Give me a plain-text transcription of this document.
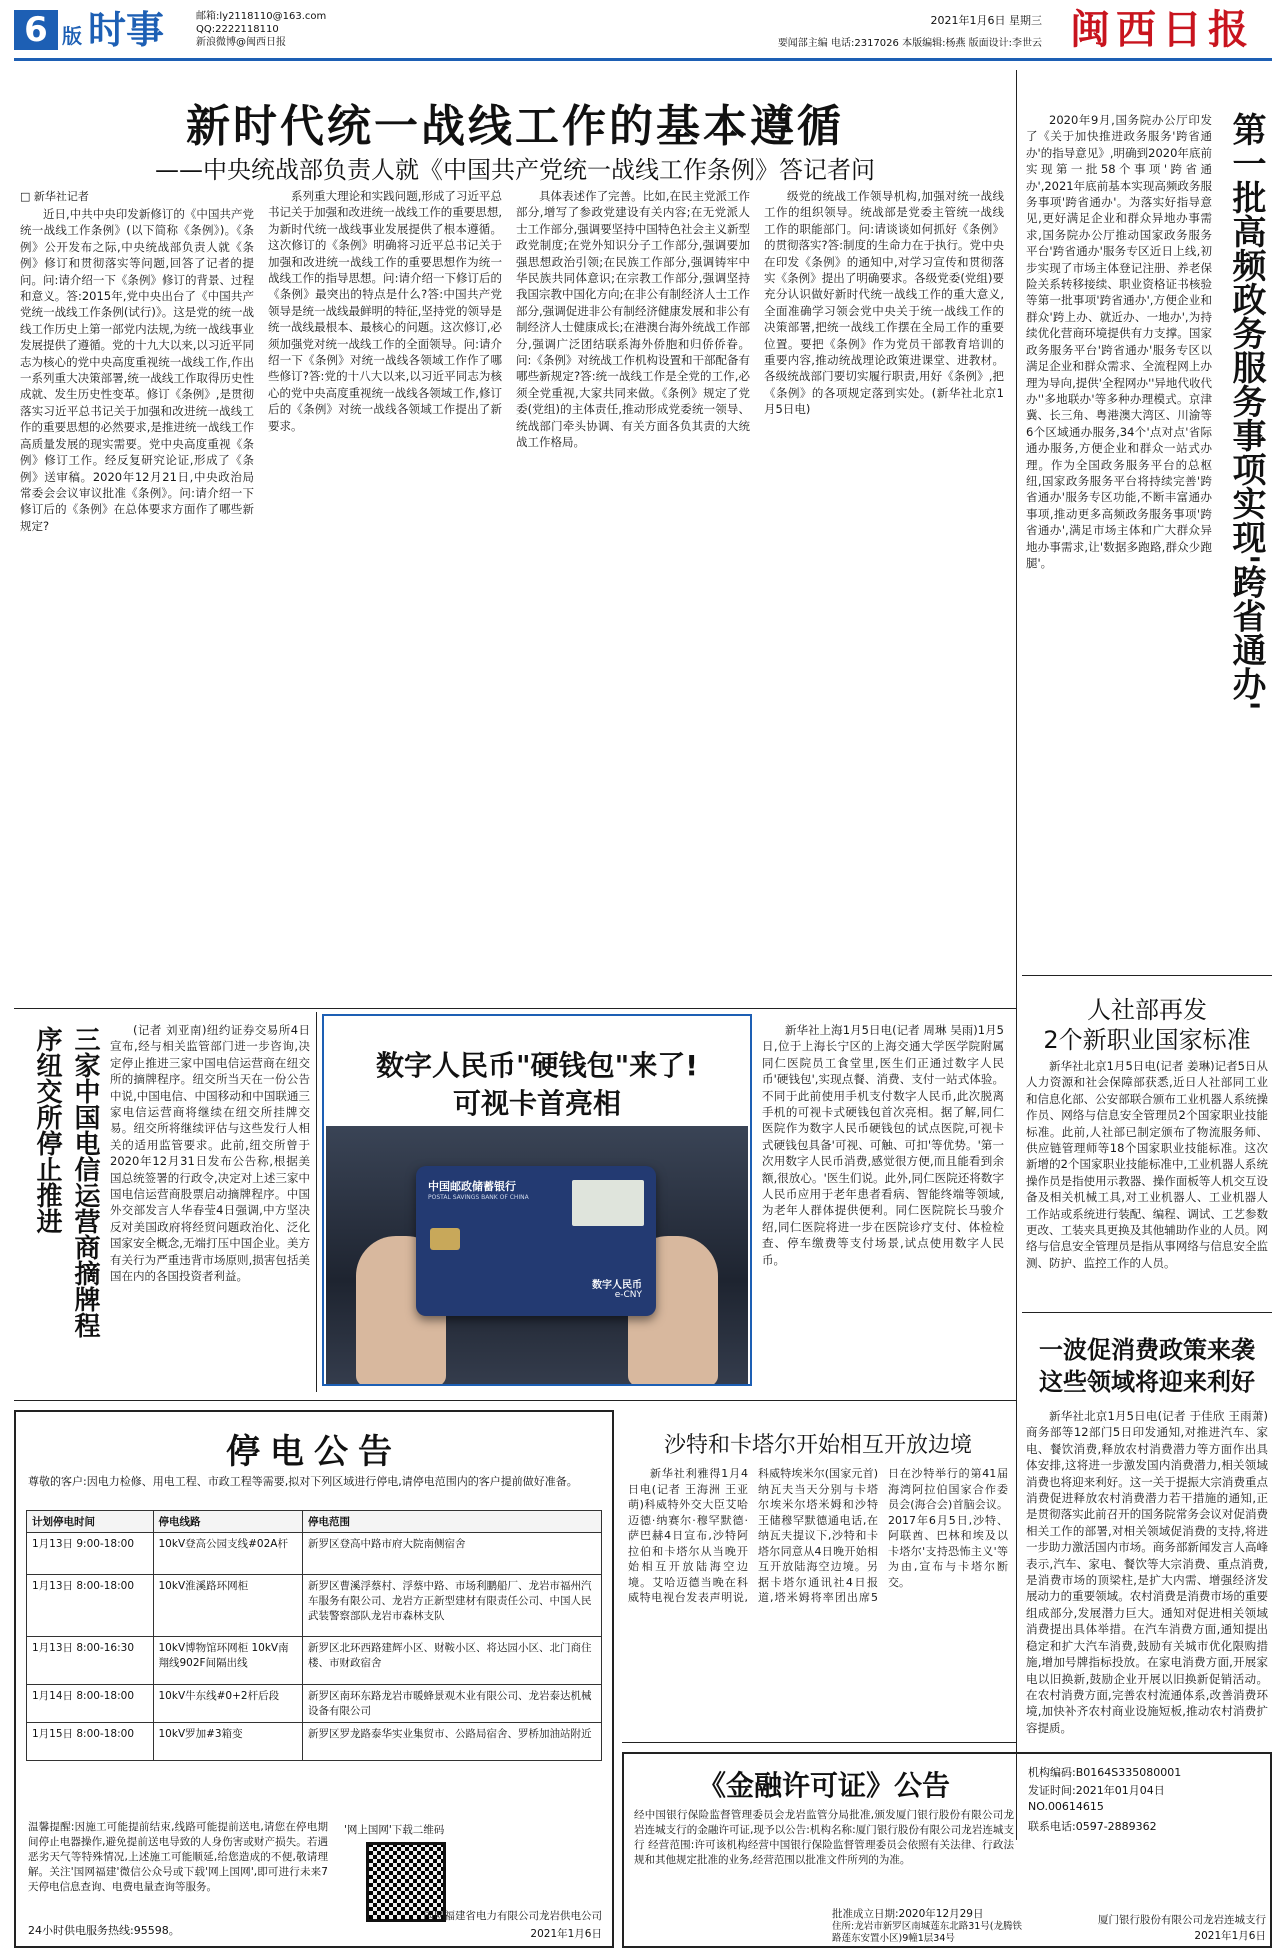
6 版 时事	邮箱:ly2118110@163.com
QQ:2222118110
新浪微博@闽西日报
2021年1月6日 星期三
要闻部主编 电话:2317026 本版编辑:杨燕 版面设计:李世云 闽西日报
新时代统一战线工作的基本遵循
——中央统战部负责人就《中国共产党统一战线工作条例》答记者问
□ 新华社记者

近日,中共中央印发新修订的《中国共产党统一战线工作条例》(以下简称《条例》)。《条例》公开发布之际,中央统战部负责人就《条例》修订和贯彻落实等问题,回答了记者的提问。问:请介绍一下《条例》修订的背景、过程和意义。答:2015年,党中央出台了《中国共产党统一战线工作条例(试行)》。这是党的统一战线工作历史上第一部党内法规,为统一战线事业发展提供了遵循。党的十九大以来,以习近平同志为核心的党中央高度重视统一战线工作,作出一系列重大决策部署,统一战线工作取得历史性成就、发生历史性变革。修订《条例》,是贯彻落实习近平总书记关于加强和改进统一战线工作的重要思想的必然要求,是推进统一战线工作高质量发展的现实需要。党中央高度重视《条例》修订工作。经反复研究论证,形成了《条例》送审稿。2020年12月21日,中央政治局常委会会议审议批准《条例》。问:请介绍一下修订后的《条例》在总体要求方面作了哪些新规定?

系列重大理论和实践问题,形成了习近平总书记关于加强和改进统一战线工作的重要思想,为新时代统一战线事业发展提供了根本遵循。这次修订的《条例》明确将习近平总书记关于加强和改进统一战线工作的重要思想作为统一战线工作的指导思想。问:请介绍一下修订后的《条例》最突出的特点是什么?答:中国共产党领导是统一战线最鲜明的特征,坚持党的领导是统一战线最根本、最核心的问题。这次修订,必须加强党对统一战线工作的全面领导。问:请介绍一下《条例》对统一战线各领域工作作了哪些修订?答:党的十八大以来,以习近平同志为核心的党中央高度重视统一战线各领域工作,修订后的《条例》对统一战线各领域工作提出了新要求。

具体表述作了完善。比如,在民主党派工作部分,增写了参政党建设有关内容;在无党派人士工作部分,强调要坚持中国特色社会主义新型政党制度;在党外知识分子工作部分,强调要加强思想政治引领;在民族工作部分,强调铸牢中华民族共同体意识;在宗教工作部分,强调坚持我国宗教中国化方向;在非公有制经济人士工作部分,强调促进非公有制经济健康发展和非公有制经济人士健康成长;在港澳台海外统战工作部分,强调广泛团结联系海外侨胞和归侨侨眷。问:《条例》对统战工作机构设置和干部配备有哪些新规定?答:统一战线工作是全党的工作,必须全党重视,大家共同来做。《条例》规定了党委(党组)的主体责任,推动形成党委统一领导、统战部门牵头协调、有关方面各负其责的大统战工作格局。

级党的统战工作领导机构,加强对统一战线工作的组织领导。统战部是党委主管统一战线工作的职能部门。问:请谈谈如何抓好《条例》的贯彻落实?答:制度的生命力在于执行。党中央在印发《条例》的通知中,对学习宣传和贯彻落实《条例》提出了明确要求。各级党委(党组)要充分认识做好新时代统一战线工作的重大意义,全面准确学习领会党中央关于统一战线工作的决策部署,把统一战线工作摆在全局工作的重要位置。要把《条例》作为党员干部教育培训的重要内容,推动统战理论政策进课堂、进教材。各级统战部门要切实履行职责,用好《条例》,把《条例》的各项规定落到实处。(新华社北京1月5日电)

2020年9月,国务院办公厅印发了《关于加快推进政务服务'跨省通办'的指导意见》,明确到2020年底前实现第一批58个事项'跨省通办',2021年底前基本实现高频政务服务事项'跨省通办'。为落实好指导意见,更好满足企业和群众异地办事需求,国务院办公厅推动国家政务服务平台'跨省通办'服务专区近日上线,初步实现了市场主体登记注册、养老保险关系转移接续、职业资格证书核验等第一批事项'跨省通办',方便企业和群众'跨上办、就近办、一地办',为持续优化营商环境提供有力支撑。国家政务服务平台'跨省通办'服务专区以满足企业和群众需求、全流程网上办理为导向,提供'全程网办''异地代收代办''多地联办'等多种办理模式。京津冀、长三角、粤港澳大湾区、川渝等6个区域通办服务,34个'点对点'省际通办服务,方便企业和群众一站式办理。作为全国政务服务平台的总枢纽,国家政务服务平台将持续完善'跨省通办'服务专区功能,不断丰富通办事项,推动更多高频政务服务事项'跨省通办',满足市场主体和广大群众异地办事需求,让'数据多跑路,群众少跑腿'。	第一批高频政务服务事项实现'跨省通办'
人社部再发
2个新职业国家标准

新华社北京1月5日电(记者 姜琳)记者5日从人力资源和社会保障部获悉,近日人社部同工业和信息化部、公安部联合颁布工业机器人系统操作员、网络与信息安全管理员2个国家职业技能标准。此前,人社部已制定颁布了物流服务师、供应链管理师等18个国家职业技能标准。这次新增的2个国家职业技能标准中,工业机器人系统操作员是指使用示教器、操作面板等人机交互设备及相关机械工具,对工业机器人、工业机器人工作站或系统进行装配、编程、调试、工艺参数更改、工装夹具更换及其他辅助作业的人员。网络与信息安全管理员是指从事网络与信息安全监测、防护、监控工作的人员。

一波促消费政策来袭
这些领域将迎来利好

新华社北京1月5日电(记者 于佳欣 王雨萧)商务部等12部门5日印发通知,对推进汽车、家电、餐饮消费,释放农村消费潜力等方面作出具体安排,这将进一步激发国内消费潜力,相关领域消费也将迎来利好。这一关于提振大宗消费重点消费促进释放农村消费潜力若干措施的通知,正是贯彻落实此前召开的国务院常务会议对促消费相关工作的部署,对相关领域促消费的支持,将进一步助力激活国内市场。商务部新闻发言人高峰表示,汽车、家电、餐饮等大宗消费、重点消费,是消费市场的顶梁柱,是扩大内需、增强经济发展动力的重要领域。农村消费是消费市场的重要组成部分,发展潜力巨大。通知对促进相关领域消费提出具体举措。在汽车消费方面,通知提出稳定和扩大汽车消费,鼓励有关城市优化限购措施,增加号牌指标投放。在家电消费方面,开展家电以旧换新,鼓励企业开展以旧换新促销活动。在农村消费方面,完善农村流通体系,改善消费环境,加快补齐农村商业设施短板,推动农村消费扩容提质。

三家中国电信运营商摘牌程序纽交所停止推进	(记者 刘亚南)纽约证券交易所4日宣布,经与相关监管部门进一步咨询,决定停止推进三家中国电信运营商在纽交所的摘牌程序。纽交所当天在一份公告中说,中国电信、中国移动和中国联通三家电信运营商将继续在纽交所挂牌交易。纽交所将继续评估与这些发行人相关的适用监管要求。此前,纽交所曾于2020年12月31日发布公告称,根据美国总统签署的行政令,决定对上述三家中国电信运营商股票启动摘牌程序。中国外交部发言人华春莹4日强调,中方坚决反对美国政府将经贸问题政治化、泛化国家安全概念,无端打压中国企业。美方有关行为严重违背市场原则,损害包括美国在内的各国投资者利益。

数字人民币"硬钱包"来了!
可视卡首亮相
中国邮政储蓄银行
POSTAL SAVINGS BANK OF CHINA
数字人民币
e-CNY

新华社上海1月5日电(记者 周琳 吴雨)1月5日,位于上海长宁区的上海交通大学医学院附属同仁医院员工食堂里,医生们正通过数字人民币'硬钱包',实现点餐、消费、支付一站式体验。不同于此前使用手机支付数字人民币,此次脱离手机的可视卡式硬钱包首次亮相。据了解,同仁医院作为数字人民币硬钱包的试点医院,可视卡式硬钱包具备'可视、可触、可扣'等优势。'第一次用数字人民币消费,感觉很方便,而且能看到余额,很放心。'医生们说。此外,同仁医院还将数字人民币应用于老年患者看病、智能终端等领域,为老年人群体提供便利。同仁医院院长马骏介绍,同仁医院将进一步在医院诊疗支付、体检检查、停车缴费等支付场景,试点使用数字人民币。

停电公告
尊敬的客户:因电力检修、用电工程、市政工程等需要,拟对下列区域进行停电,请停电范围内的客户提前做好准备。
计划停电时间	停电线路	停电范围
1月13日 9:00-18:00	10kV登高公园支线#02A杆	新罗区登高中路市府大院南侧宿舍
1月13日 8:00-18:00	10kV淮溪路环网柜	新罗区曹溪浮蔡村、浮蔡中路、市场利鹏船厂、龙岩市福州汽车服务有限公司、龙岩方正新型建材有限责任公司、中国人民武装警察部队龙岩市森林支队
1月13日 8:00-16:30	10kV博物馆环网柜 10kV南翔线902F间隔出线	新罗区北环西路建辉小区、财鞍小区、将达园小区、北门商住楼、市财政宿舍
1月14日 8:00-18:00	10kV牛东线#0+2杆后段	新罗区南环东路龙岩市暖蜂景观木业有限公司、龙岩泰达机械设备有限公司
1月15日 8:00-18:00	10kV罗加#3箱变	新罗区罗龙路泰华实业集贸市、公路局宿舍、罗桥加油站附近
温馨提醒:因施工可能提前结束,线路可能提前送电,请您在停电期间停止电器操作,避免提前送电导致的人身伤害或财产损失。若遇恶劣天气等特殊情况,上述施工可能顺延,给您造成的不便,敬请理解。关注'国网福建'微信公众号或下载'网上国网',即可进行未来7天停电信息查询、电费电量查询等服务。
24小时供电服务热线:95598。
'网上国网'下载二维码
国网福建省电力有限公司龙岩供电公司
2021年1月6日
沙特和卡塔尔开始相互开放边境

新华社利雅得1月4日电(记者 王海洲 王亚萌)科威特外交大臣艾哈迈德·纳赛尔·穆罕默德·萨巴赫4日宣布,沙特阿拉伯和卡塔尔从当晚开始相互开放陆海空边境。艾哈迈德当晚在科威特电视台发表声明说,科威特埃米尔(国家元首)纳瓦夫当天分别与卡塔尔埃米尔塔米姆和沙特王储穆罕默德通电话,在纳瓦夫提议下,沙特和卡塔尔同意从4日晚开始相互开放陆海空边境。另据卡塔尔通讯社4日报道,塔米姆将率团出席5日在沙特举行的第41届海湾阿拉伯国家合作委员会(海合会)首脑会议。2017年6月5日,沙特、阿联酋、巴林和埃及以卡塔尔'支持恐怖主义'等为由,宣布与卡塔尔断交。

《金融许可证》公告
经中国银行保险监督管理委员会龙岩监管分局批准,颁发厦门银行股份有限公司龙岩连城支行的金融许可证,现予以公告:机构名称:厦门银行股份有限公司龙岩连城支行 经营范围:许可该机构经营中国银行保险监督管理委员会依照有关法律、行政法规和其他规定批准的业务,经营范围以批准文件所列的为准。
批准成立日期:2020年12月29日
住所:龙岩市新罗区南城莲东北路31号(龙腾铁路莲东安置小区)9幢1层34号
机构编码:B0164S335080001
发证时间:2021年01月04日
NO.00614615
联系电话:0597-2889362
厦门银行股份有限公司龙岩连城支行
2021年1月6日
